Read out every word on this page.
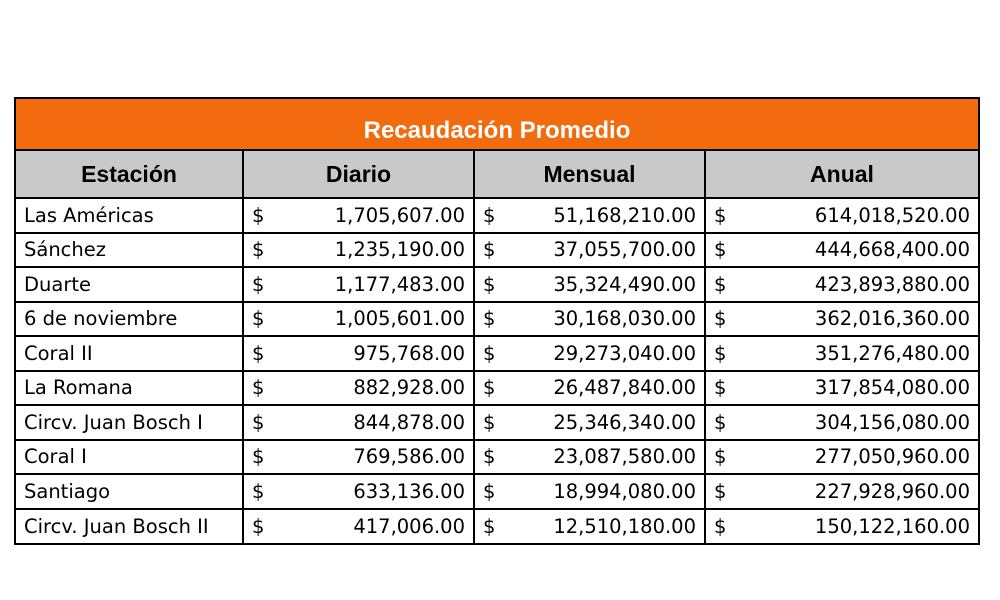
Recaudación Promedio
Estación	Diario	Mensual	Anual
Las Américas	$ 1,705,607.00	$ 51,168,210.00	$ 614,018,520.00

Sánchez	$ 1,235,190.00	$ 37,055,700.00	$ 444,668,400.00

Duarte	$ 1,177,483.00	$ 35,324,490.00	$ 423,893,880.00

6 de noviembre	$ 1,005,601.00	$ 30,168,030.00	$ 362,016,360.00

Coral II	$ 975,768.00	$ 29,273,040.00	$ 351,276,480.00

La Romana	$ 882,928.00	$ 26,487,840.00	$ 317,854,080.00

Circv. Juan Bosch I	$ 844,878.00	$ 25,346,340.00	$ 304,156,080.00

Coral I	$ 769,586.00	$ 23,087,580.00	$ 277,050,960.00

Santiago	$ 633,136.00	$ 18,994,080.00	$ 227,928,960.00

Circv. Juan Bosch II	$ 417,006.00	$ 12,510,180.00	$ 150,122,160.00
